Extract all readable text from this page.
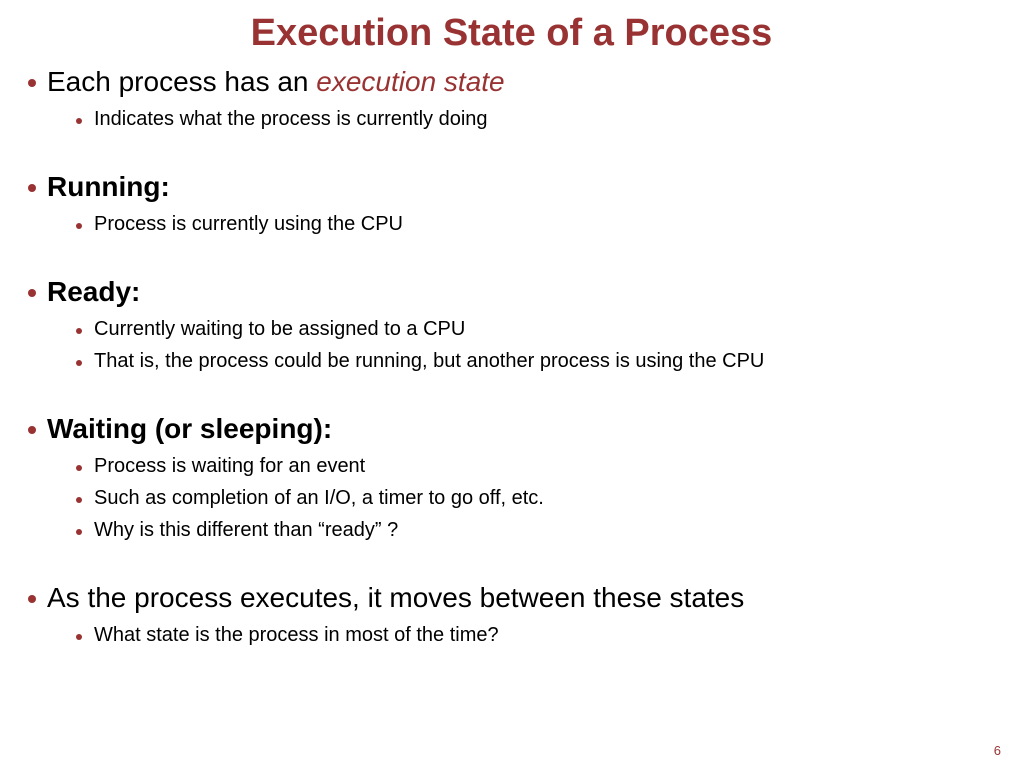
Execution State of a Process
Each process has an execution state
Indicates what the process is currently doing
Running:
Process is currently using the CPU
Ready:
Currently waiting to be assigned to a CPU
That is, the process could be running, but another process is using the CPU
Waiting (or sleeping):
Process is waiting for an event
Such as completion of an I/O, a timer to go off, etc.
Why is this different than “ready” ?
As the process executes, it moves between these states
What state is the process in most of the time?
6
